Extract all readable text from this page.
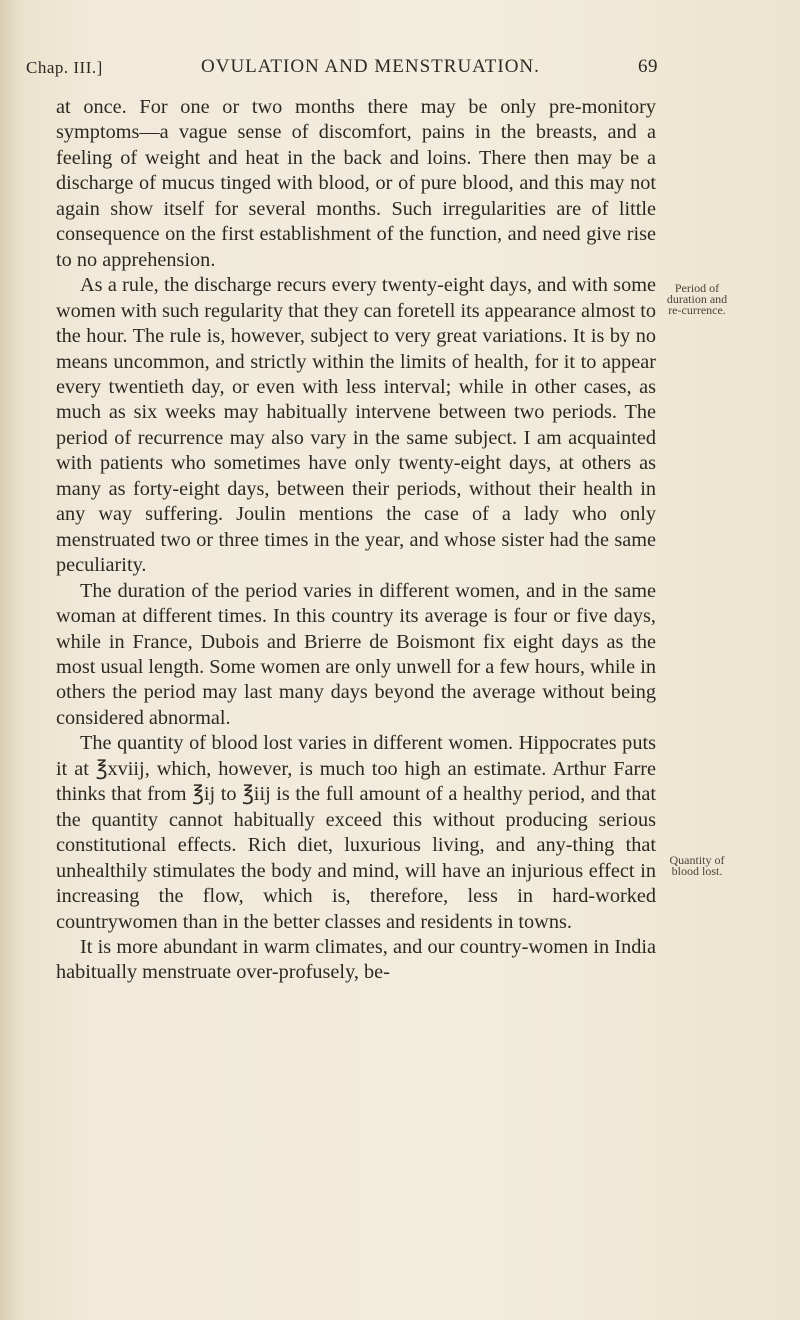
Chap. III.]	OVULATION AND MENSTRUATION.	69

at once. For one or two months there may be only pre-monitory symptoms—a vague sense of discomfort, pains in the breasts, and a feeling of weight and heat in the back and loins. There then may be a discharge of mucus tinged with blood, or of pure blood, and this may not again show itself for several months. Such irregularities are of little consequence on the first establishment of the function, and need give rise to no apprehension.

As a rule, the discharge recurs every twenty-eight days, and with some women with such regularity that they can foretell its appearance almost to the hour. The rule is, however, subject to very great variations. It is by no means uncommon, and strictly within the limits of health, for it to appear every twentieth day, or even with less interval; while in other cases, as much as six weeks may habitually intervene between two periods. The period of recurrence may also vary in the same subject. I am acquainted with patients who sometimes have only twenty-eight days, at others as many as forty-eight days, between their periods, without their health in any way suffering. Joulin mentions the case of a lady who only menstruated two or three times in the year, and whose sister had the same peculiarity.

The duration of the period varies in different women, and in the same woman at different times. In this country its average is four or five days, while in France, Dubois and Brierre de Boismont fix eight days as the most usual length. Some women are only unwell for a few hours, while in others the period may last many days beyond the average without being considered abnormal.

The quantity of blood lost varies in different women. Hippocrates puts it at ℥xviij, which, however, is much too high an estimate. Arthur Farre thinks that from ℥ij to ℥iij is the full amount of a healthy period, and that the quantity cannot habitually exceed this without producing serious constitutional effects. Rich diet, luxurious living, and any-thing that unhealthily stimulates the body and mind, will have an injurious effect in increasing the flow, which is, therefore, less in hard-worked countrywomen than in the better classes and residents in towns.

It is more abundant in warm climates, and our country-women in India habitually menstruate over-profusely, be-

Period of duration and re-currence.
Quantity of blood lost.
